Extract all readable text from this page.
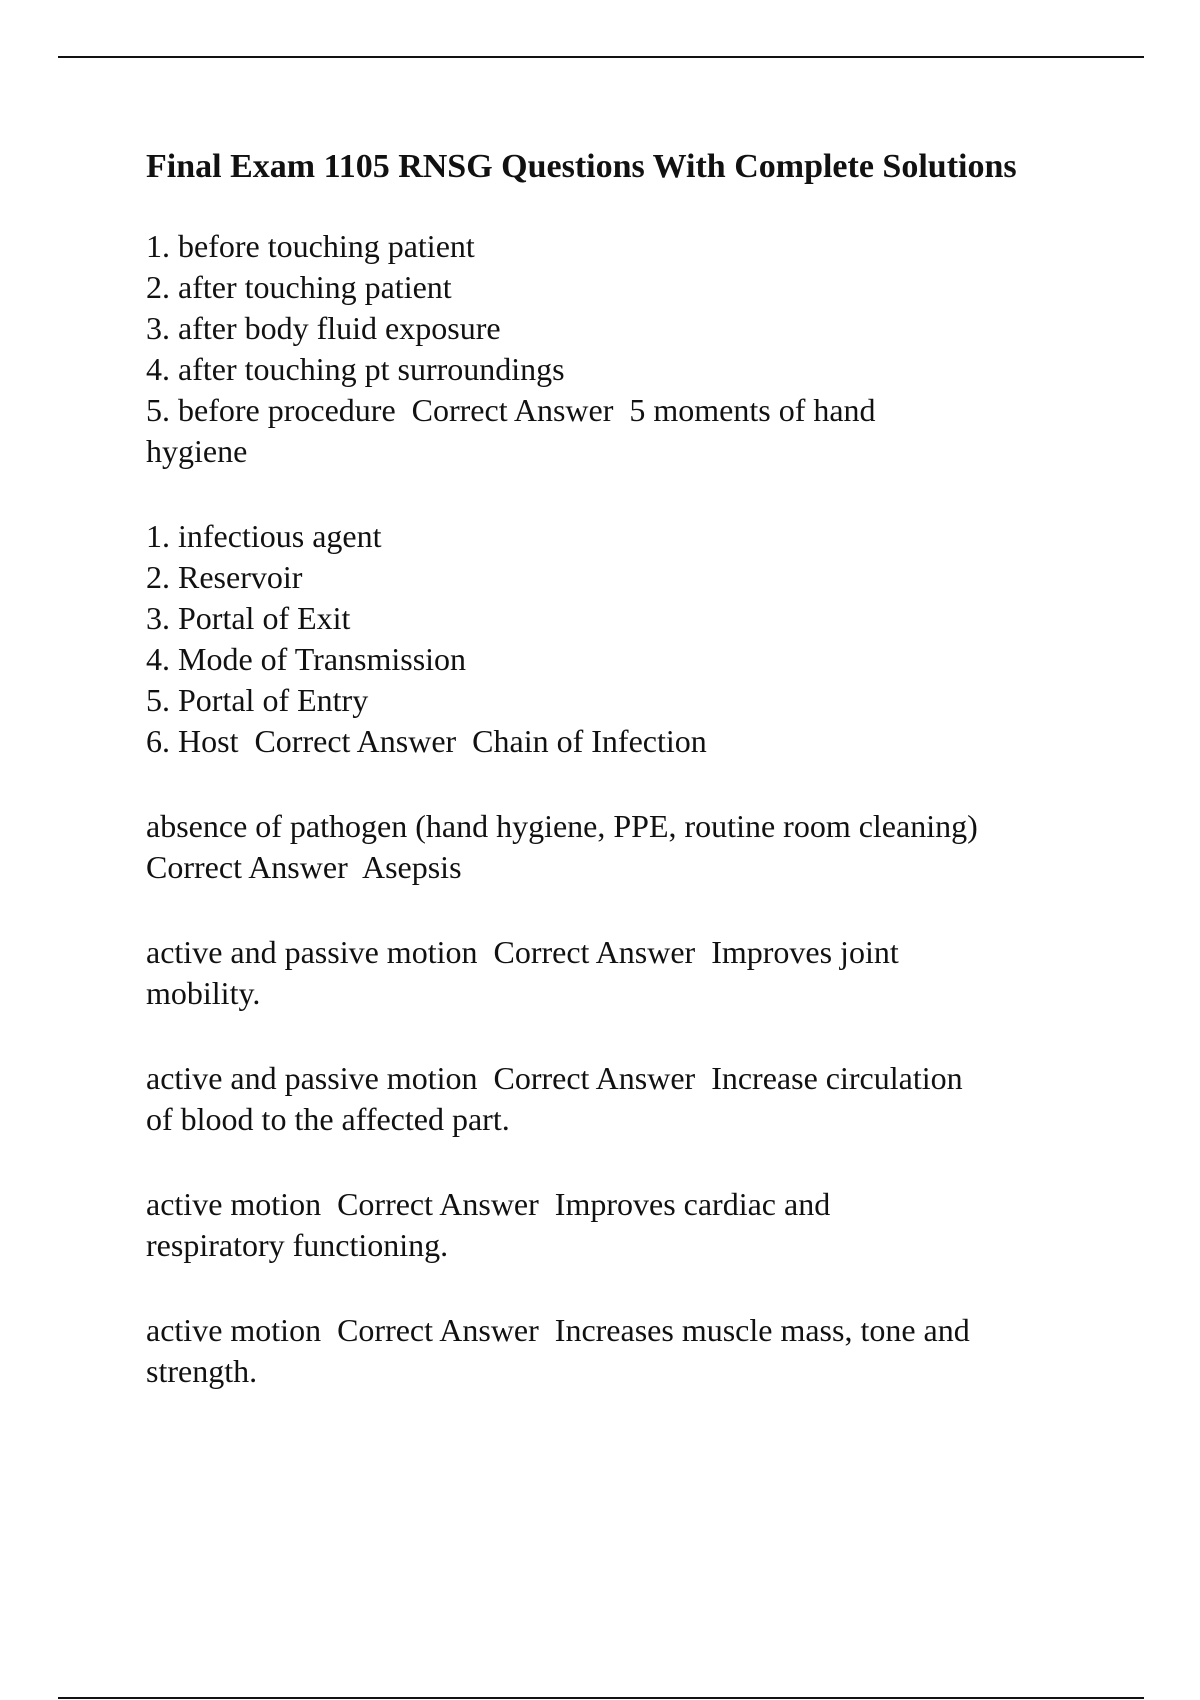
Final Exam 1105 RNSG Questions With Complete Solutions
1. before touching patient
2. after touching patient
3. after body fluid exposure
4. after touching pt surroundings
5. before procedure  Correct Answer  5 moments of hand
hygiene
1. infectious agent
2. Reservoir
3. Portal of Exit
4. Mode of Transmission
5. Portal of Entry
6. Host  Correct Answer  Chain of Infection
absence of pathogen (hand hygiene, PPE, routine room cleaning)
Correct Answer  Asepsis
active and passive motion  Correct Answer  Improves joint
mobility.
active and passive motion  Correct Answer  Increase circulation
of blood to the affected part.
active motion  Correct Answer  Improves cardiac and
respiratory functioning.
active motion  Correct Answer  Increases muscle mass, tone and
strength.
